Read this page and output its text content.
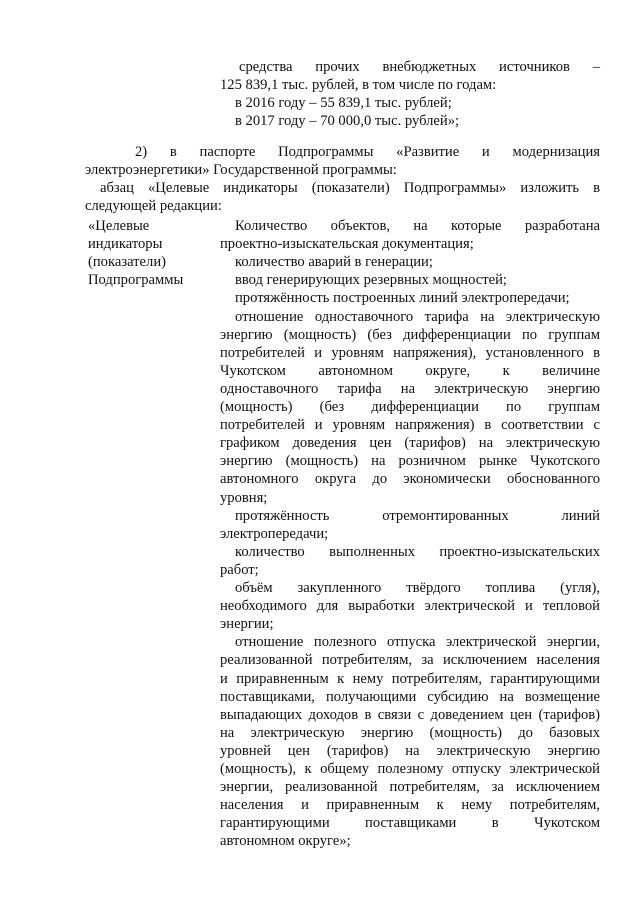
средства прочих внебюджетных источников –
125 839,1 тыс. рублей, в том числе по годам:
в 2016 году – 55 839,1 тыс. рублей;
в 2017 году – 70 000,0 тыс. рублей»;
2) в паспорте Подпрограммы «Развитие и модернизация
электроэнергетики» Государственной программы:
абзац «Целевые индикаторы (показатели) Подпрограммы» изложить в
следующей редакции:
«Целевые
индикаторы
(показатели)
Подпрограммы
Количество объектов, на которые разработана
проектно-изыскательская документация;
количество аварий в генерации;
ввод генерирующих резервных мощностей;
протяжённость построенных линий электропередачи;
отношение одноставочного тарифа на электрическую
энергию (мощность) (без дифференциации по группам
потребителей и уровням напряжения), установленного в
Чукотском автономном округе, к величине
одноставочного тарифа на электрическую энергию
(мощность) (без дифференциации по группам
потребителей и уровням напряжения) в соответствии с
графиком доведения цен (тарифов) на электрическую
энергию (мощность) на розничном рынке Чукотского
автономного округа до экономически обоснованного
уровня;
протяжённость отремонтированных линий
электропередачи;
количество выполненных проектно-изыскательских
работ;
объём закупленного твёрдого топлива (угля),
необходимого для выработки электрической и тепловой
энергии;
отношение полезного отпуска электрической энергии,
реализованной потребителям, за исключением населения
и приравненным к нему потребителям, гарантирующими
поставщиками, получающими субсидию на возмещение
выпадающих доходов в связи с доведением цен (тарифов)
на электрическую энергию (мощность) до базовых
уровней цен (тарифов) на электрическую энергию
(мощность), к общему полезному отпуску электрической
энергии, реализованной потребителям, за исключением
населения и приравненным к нему потребителям,
гарантирующими поставщиками в Чукотском
автономном округе»;
